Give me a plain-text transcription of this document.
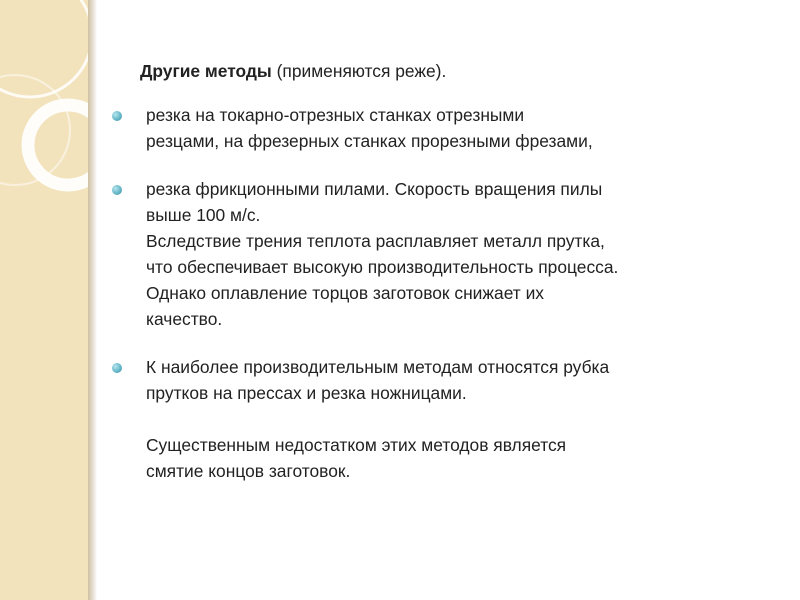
Другие методы (применяются реже).
резка на токарно-отрезных станках отрезными
резцами, на фрезерных станках прорезными фрезами,
резка фрикционными пилами. Скорость вращения пилы
выше 100 м/с.
Вследствие трения теплота расплавляет металл прутка,
что обеспечивает высокую производительность процесса.
Однако оплавление торцов заготовок снижает их
качество.
К наиболее производительным методам относятся рубка
прутков на прессах и резка ножницами.
Существенным недостатком этих методов является
смятие концов заготовок.
